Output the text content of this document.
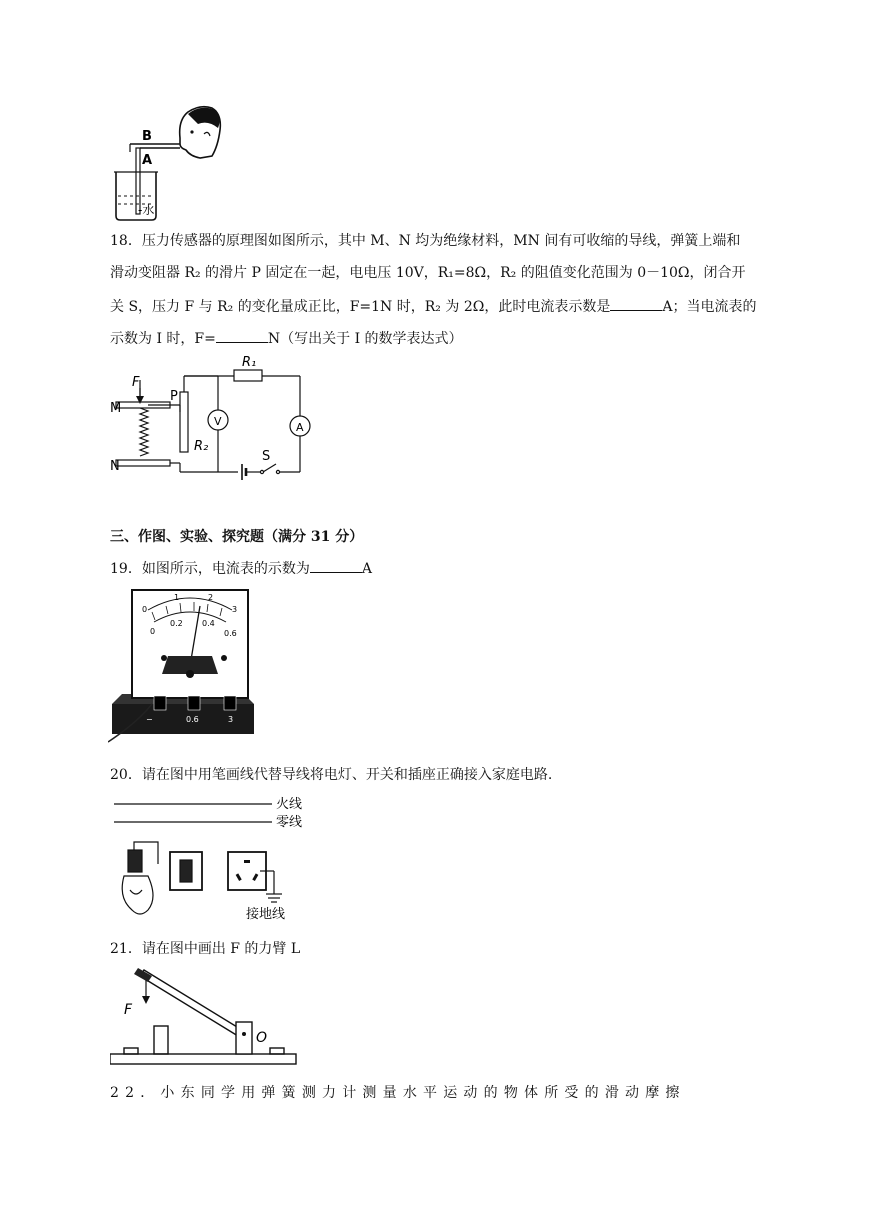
B
A
-水
18．压力传感器的原理图如图所示，其中 M、N 均为绝缘材料，MN 间有可收缩的导线，弹簧上端和
滑动变阻器 R₂ 的滑片 P 固定在一起，电电压 10V，R₁=8Ω，R₂ 的阻值变化范围为 0－10Ω，闭合开
关 S，压力 F 与 R₂ 的变化量成正比，F=1N 时，R₂ 为 2Ω，此时电流表示数是	A；当电流表的
示数为 I 时，F=	N（写出关于 I 的数学表达式）
F
M
N
P
R₁
R₂
V	A
S
三、作图、实验、探究题（满分 31 分）
19．如图所示，电流表的示数为	A
0
1	2
3
0
0.2 0.4
0.6
−	0.6	3
20．请在图中用笔画线代替导线将电灯、开关和插座正确接入家庭电路.
火线
零线
接地线
21．请在图中画出 F 的力臂 L
F
O
22．小东同学用弹簧测力计测量水平运动的物体所受的滑动摩擦
